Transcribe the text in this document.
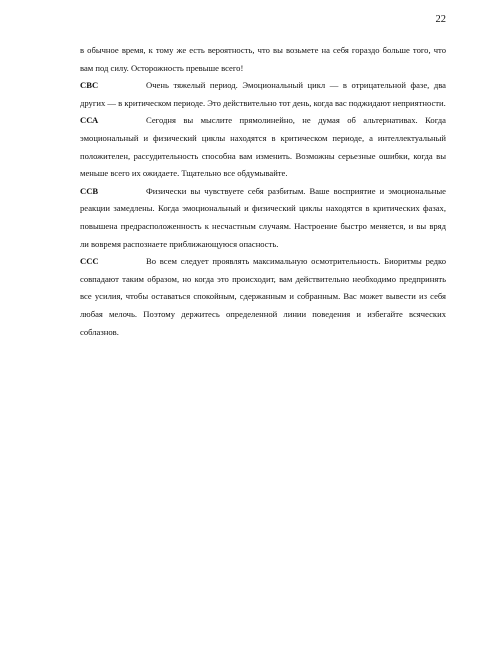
22

в обычное время, к тому же есть вероятность, что вы возьмете на себя гораздо больше того, что вам под силу. Осторожность превыше всего!

СВС	Очень тяжелый период. Эмоциональный цикл — в отрицательной фазе, два других — в критическом периоде. Это действительно тот день, когда вас поджидают неприятности.

ССА	Сегодня вы мыслите прямолинейно, не думая об альтернативах. Когда эмоциональный и физический циклы находятся в критическом периоде, а интеллектуальный положителен, рассудительность способна вам изменить. Возможны серьезные ошибки, когда вы меньше всего их ожидаете. Тщательно все обдумывайте.

ССВ	Физически вы чувствуете себя разбитым. Ваше восприятие и эмоциональные реакции замедлены. Когда эмоциональный и физический циклы находятся в критических фазах, повышена предрасположенность к несчастным случаям. Настроение быстро меняется, и вы вряд ли вовремя распознаете приближающуюся опасность.

ССС	Во всем следует проявлять максимальную осмотрительность. Биоритмы редко совпадают таким образом, но когда это происходит, вам действительно необходимо предпринять все усилия, чтобы оставаться спокойным, сдержанным и собранным. Вас может вывести из себя любая мелочь. Поэтому держитесь определенной линии поведения и избегайте всяческих соблазнов.
